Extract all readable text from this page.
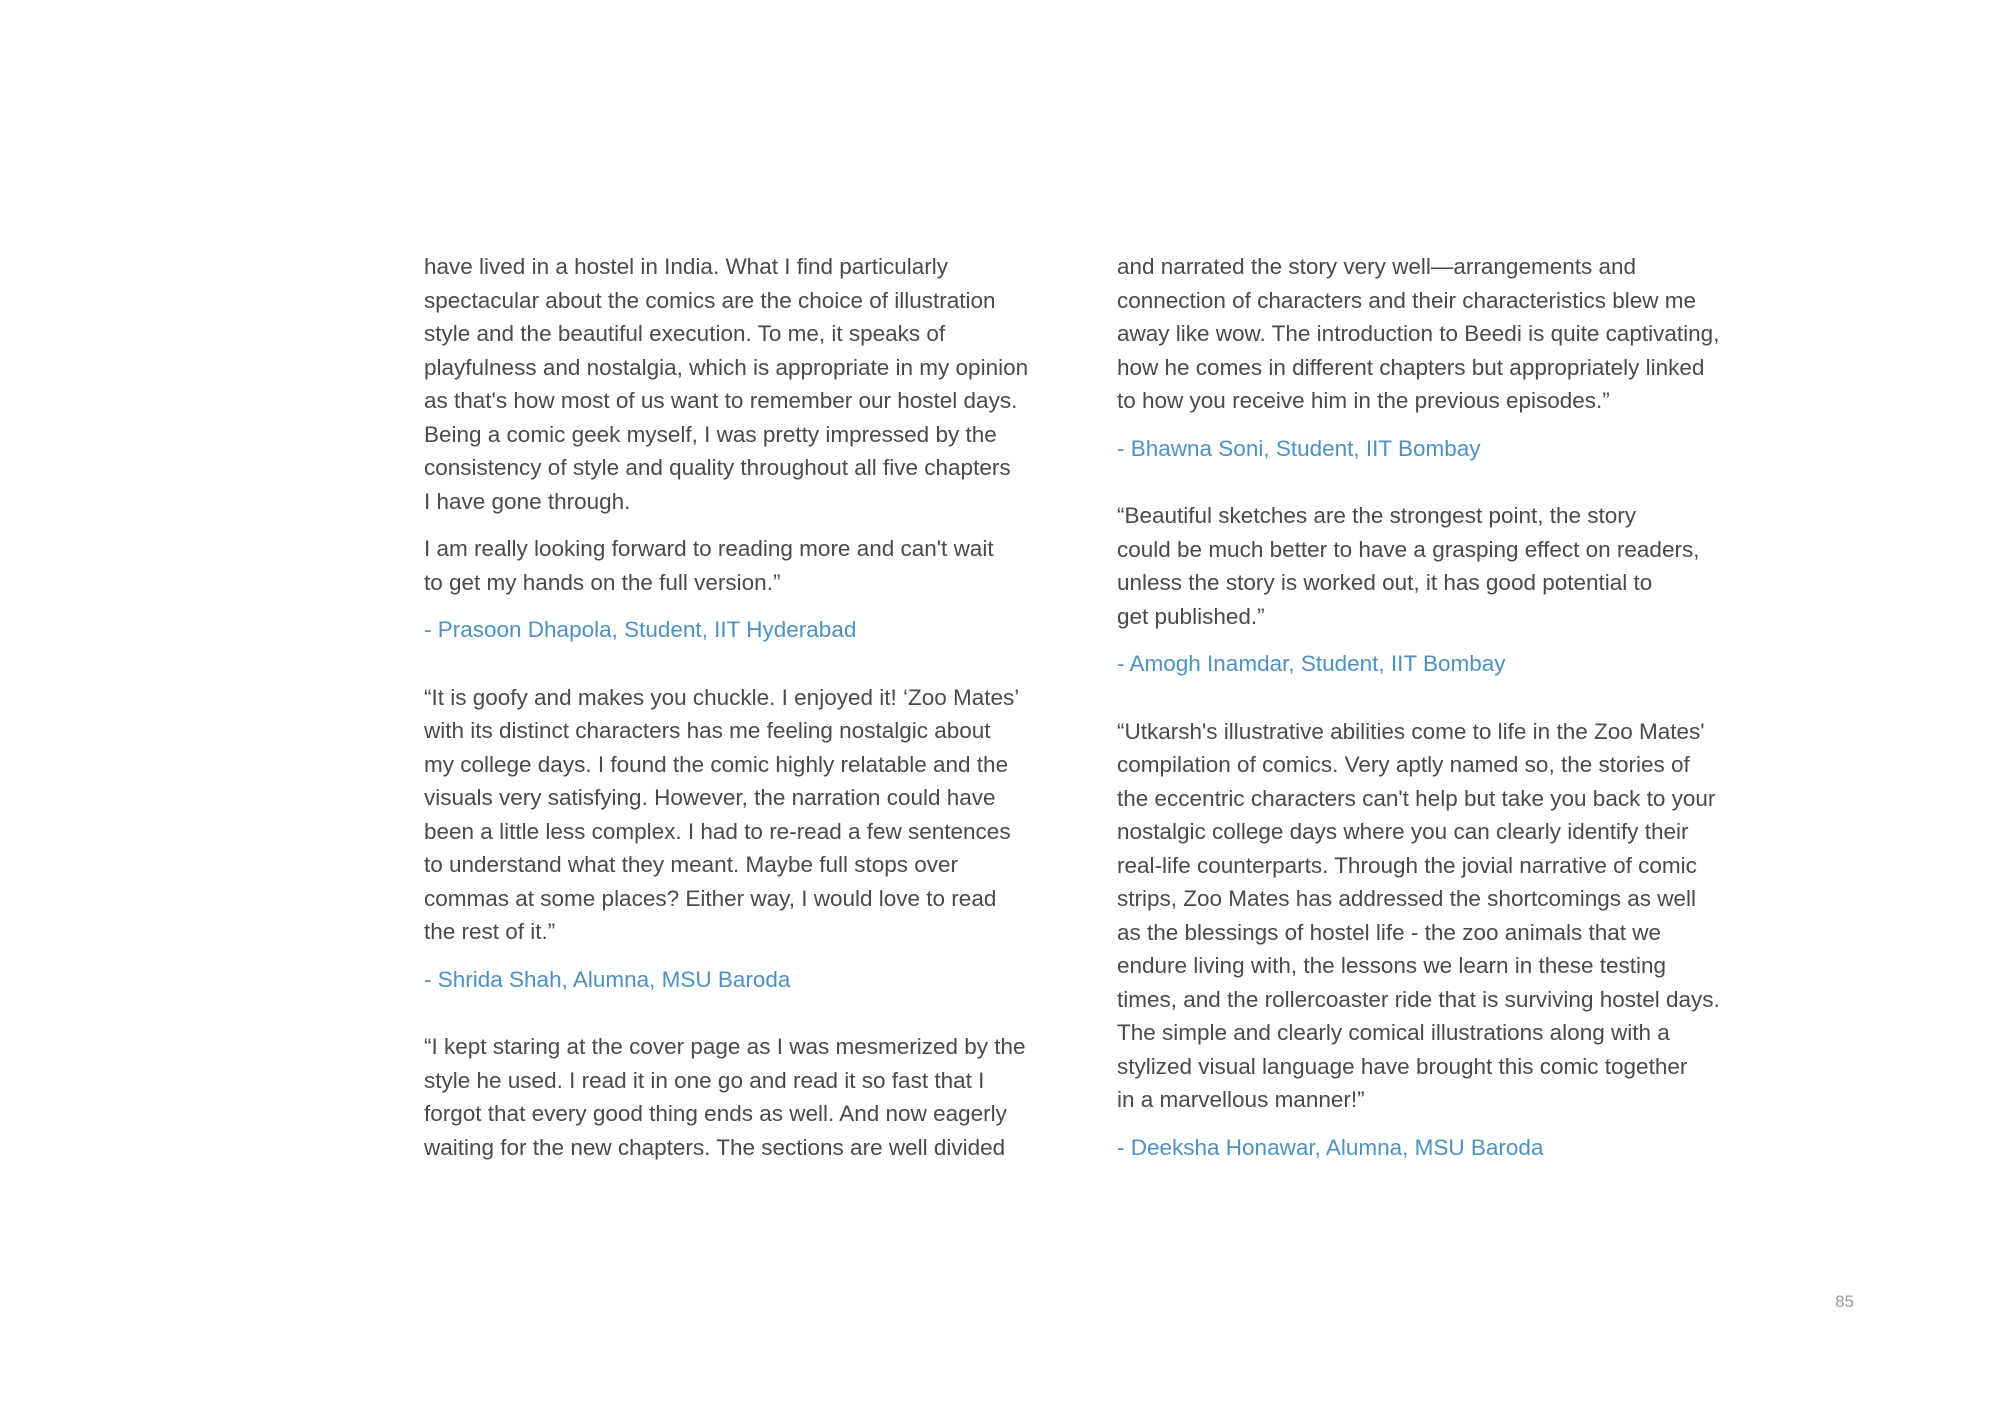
have lived in a hostel in India. What I find particularly
spectacular about the comics are the choice of illustration
style and the beautiful execution. To me, it speaks of
playfulness and nostalgia, which is appropriate in my opinion
as that's how most of us want to remember our hostel days.
Being a comic geek myself, I was pretty impressed by the
consistency of style and quality throughout all five chapters
I have gone through.
I am really looking forward to reading more and can't wait
to get my hands on the full version.”
- Prasoon Dhapola, Student, IIT Hyderabad
“It is goofy and makes you chuckle. I enjoyed it! ‘Zoo Mates’
with its distinct characters has me feeling nostalgic about
my college days. I found the comic highly relatable and the
visuals very satisfying. However, the narration could have
been a little less complex. I had to re-read a few sentences
to understand what they meant. Maybe full stops over
commas at some places? Either way, I would love to read
the rest of it.”
- Shrida Shah, Alumna, MSU Baroda
“I kept staring at the cover page as I was mesmerized by the
style he used. I read it in one go and read it so fast that I
forgot that every good thing ends as well. And now eagerly
waiting for the new chapters. The sections are well divided
and narrated the story very well—arrangements and
connection of characters and their characteristics blew me
away like wow. The introduction to Beedi is quite captivating,
how he comes in different chapters but appropriately linked
to how you receive him in the previous episodes.”
- Bhawna Soni, Student, IIT Bombay
“Beautiful sketches are the strongest point, the story
could be much better to have a grasping effect on readers,
unless the story is worked out, it has good potential to
get published.”
- Amogh Inamdar, Student, IIT Bombay
“Utkarsh's illustrative abilities come to life in the Zoo Mates'
compilation of comics. Very aptly named so, the stories of
the eccentric characters can't help but take you back to your
nostalgic college days where you can clearly identify their
real-life counterparts. Through the jovial narrative of comic
strips, Zoo Mates has addressed the shortcomings as well
as the blessings of hostel life - the zoo animals that we
endure living with, the lessons we learn in these testing
times, and the rollercoaster ride that is surviving hostel days.
The simple and clearly comical illustrations along with a
stylized visual language have brought this comic together
in a marvellous manner!”
- Deeksha Honawar, Alumna, MSU Baroda
85
